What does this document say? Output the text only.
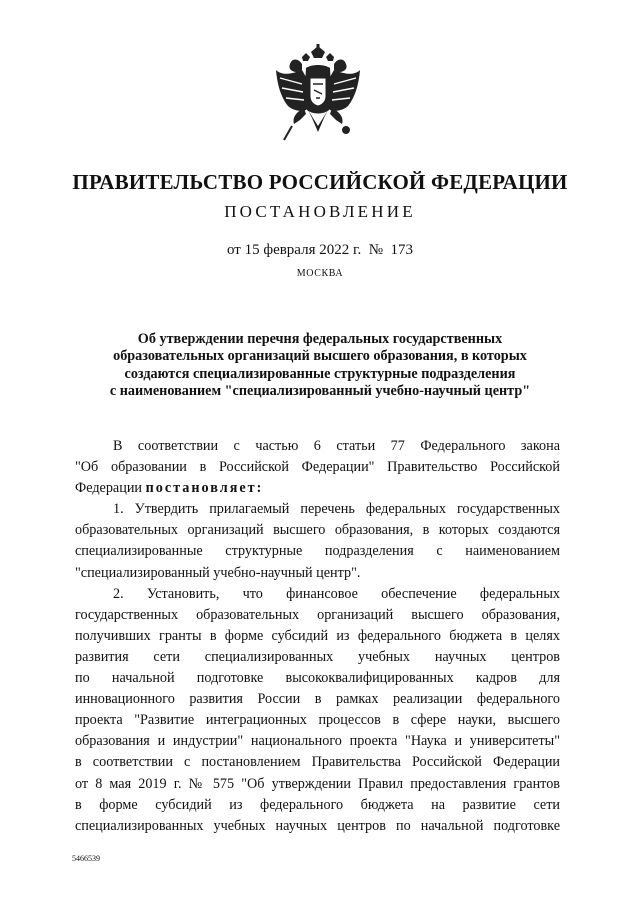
ПРАВИТЕЛЬСТВО РОССИЙСКОЙ ФЕДЕРАЦИИ
ПОСТАНОВЛЕНИЕ
от 15 февраля 2022 г. № 173
МОСКВА
Об утверждении перечня федеральных государственных
образовательных организаций высшего образования, в которых
создаются специализированные структурные подразделения
с наименованием "специализированный учебно-научный центр"
В соответствии с частью 6 статьи 77 Федерального закона
"Об образовании в Российской Федерации" Правительство Российской
Федерации постановляет:
1. Утвердить прилагаемый перечень федеральных государственных
образовательных организаций высшего образования, в которых создаются
специализированные структурные подразделения с наименованием
"специализированный учебно-научный центр".
2. Установить, что финансовое обеспечение федеральных
государственных образовательных организаций высшего образования,
получивших гранты в форме субсидий из федерального бюджета в целях
развития сети специализированных учебных научных центров
по начальной подготовке высококвалифицированных кадров для
инновационного развития России в рамках реализации федерального
проекта "Развитие интеграционных процессов в сфере науки, высшего
образования и индустрии" национального проекта "Наука и университеты"
в соответствии с постановлением Правительства Российской Федерации
от 8 мая 2019 г. № 575 "Об утверждении Правил предоставления грантов
в форме субсидий из федерального бюджета на развитие сети
специализированных учебных научных центров по начальной подготовке
5466539
